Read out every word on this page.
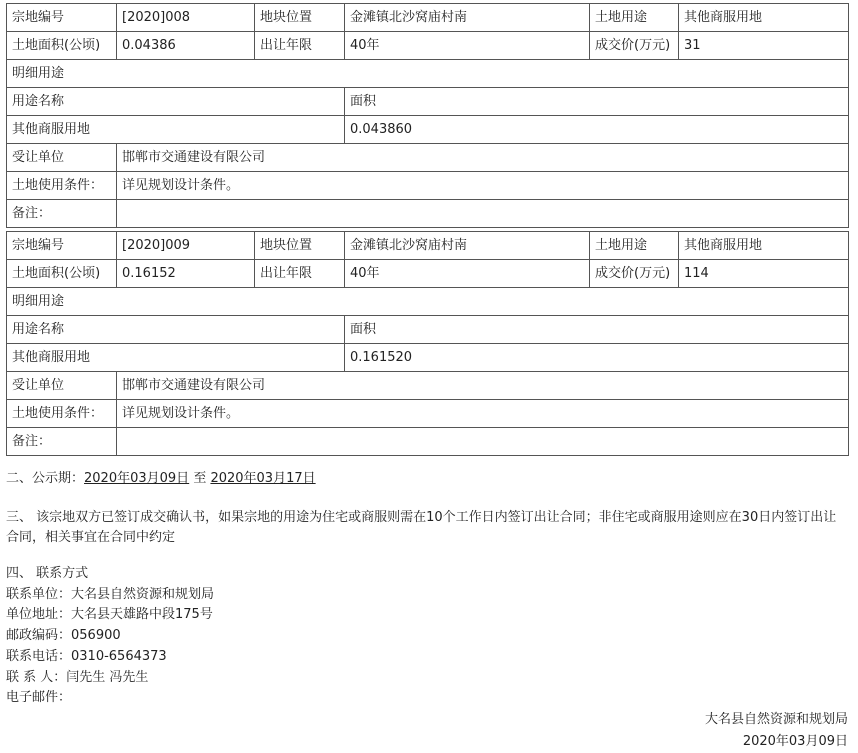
宗地编号	[2020]008	地块位置	金滩镇北沙窝庙村南	土地用途	其他商服用地
土地面积(公顷)	0.04386	出让年限	40年	成交价(万元)	31
明细用途					
用途名称			面积		
其他商服用地			0.043860		
受让单位	邯郸市交通建设有限公司				
土地使用条件：	详见规划设计条件。				
备注：					
宗地编号	[2020]009	地块位置	金滩镇北沙窝庙村南	土地用途	其他商服用地
土地面积(公顷)	0.16152	出让年限	40年	成交价(万元)	114
明细用途					
用途名称			面积		
其他商服用地			0.161520		
受让单位	邯郸市交通建设有限公司				
土地使用条件：	详见规划设计条件。				
备注：					
二、公示期：2020年03月09日 至 2020年03月17日
三、 该宗地双方已签订成交确认书，如果宗地的用途为住宅或商服则需在10个工作日内签订出让合同；非住宅或商服用途则应在30日内签订出让合同，相关事宜在合同中约定
四、 联系方式
联系单位：大名县自然资源和规划局
单位地址：大名县天雄路中段175号
邮政编码：056900
联系电话：0310-6564373
联 系 人：闫先生 冯先生
电子邮件：
大名县自然资源和规划局
2020年03月09日
